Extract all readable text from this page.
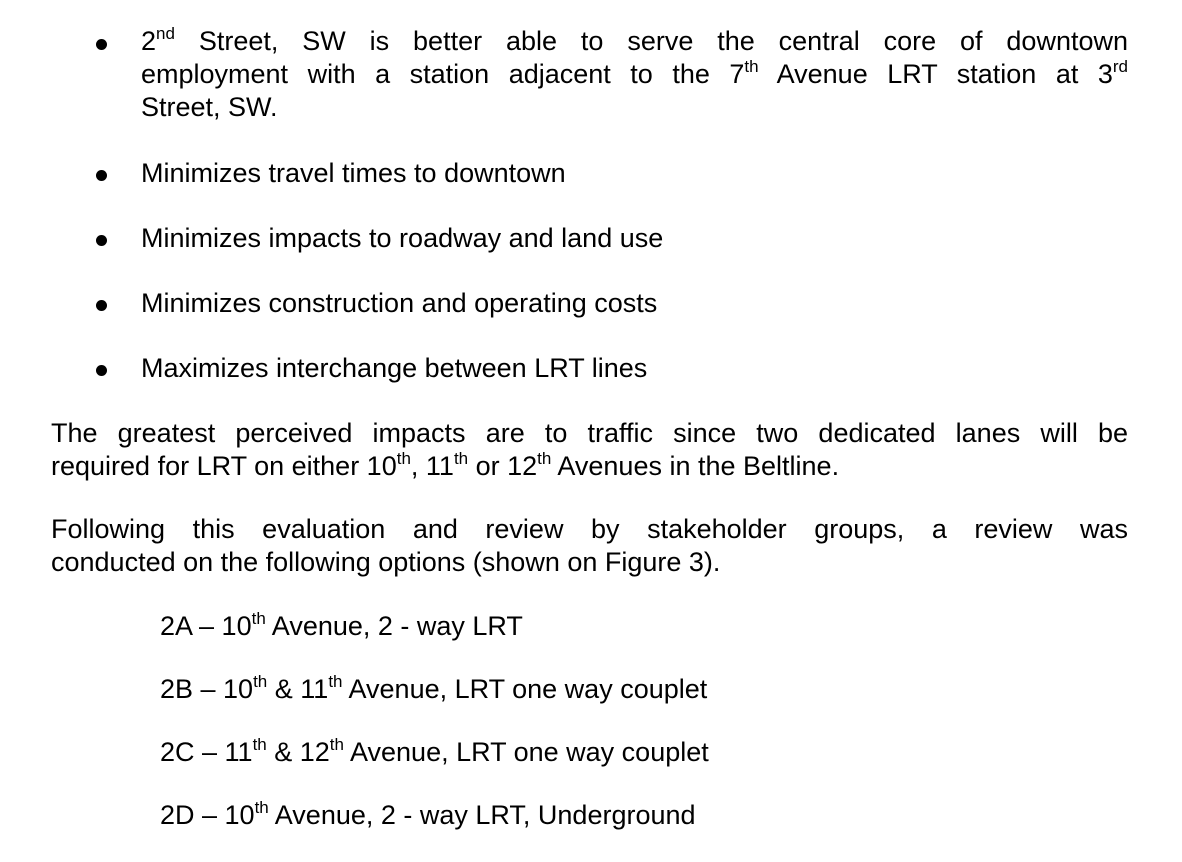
2nd Street, SW is better able to serve the central core of downtown
employment with a station adjacent to the 7th Avenue LRT station at 3rd
Street, SW.
Minimizes travel times to downtown
Minimizes impacts to roadway and land use
Minimizes construction and operating costs
Maximizes interchange between LRT lines
The greatest perceived impacts are to traffic since two dedicated lanes will be
required for LRT on either 10th, 11th or 12th Avenues in the Beltline.
Following this evaluation and review by stakeholder groups, a review was
conducted on the following options (shown on Figure 3).
2A – 10th Avenue, 2 - way LRT
2B – 10th & 11th Avenue, LRT one way couplet
2C – 11th & 12th Avenue, LRT one way couplet
2D – 10th Avenue, 2 - way LRT, Underground
